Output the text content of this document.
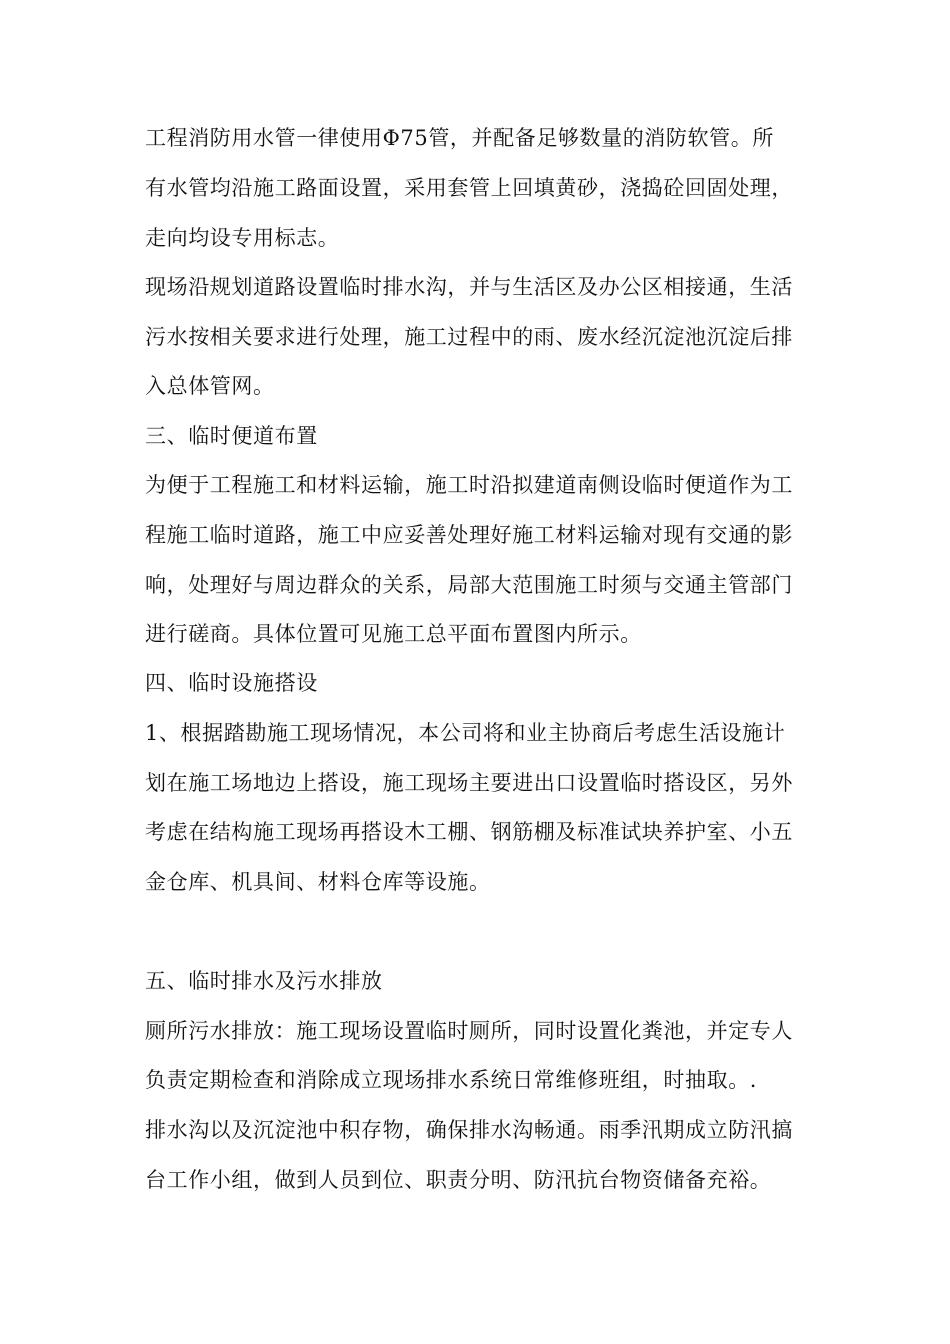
工程消防用水管一律使用Φ75管，并配备足够数量的消防软管。所
有水管均沿施工路面设置，采用套管上回填黄砂，浇捣砼回固处理，
走向均设专用标志。
现场沿规划道路设置临时排水沟，并与生活区及办公区相接通，生活
污水按相关要求进行处理，施工过程中的雨、废水经沉淀池沉淀后排
入总体管网。
三、临时便道布置
为便于工程施工和材料运输，施工时沿拟建道南侧设临时便道作为工
程施工临时道路，施工中应妥善处理好施工材料运输对现有交通的影
响，处理好与周边群众的关系，局部大范围施工时须与交通主管部门
进行磋商。具体位置可见施工总平面布置图内所示。
四、临时设施搭设
1、根据踏勘施工现场情况，本公司将和业主协商后考虑生活设施计
划在施工场地边上搭设，施工现场主要进出口设置临时搭设区，另外
考虑在结构施工现场再搭设木工棚、钢筋棚及标准试块养护室、小五
金仓库、机具间、材料仓库等设施。
五、临时排水及污水排放
厕所污水排放：施工现场设置临时厕所，同时设置化粪池，并定专人
负责定期检查和消除成立现场排水系统日常维修班组，时抽取。.
排水沟以及沉淀池中积存物，确保排水沟畅通。雨季汛期成立防汛搞
台工作小组，做到人员到位、职责分明、防汛抗台物资储备充裕。
